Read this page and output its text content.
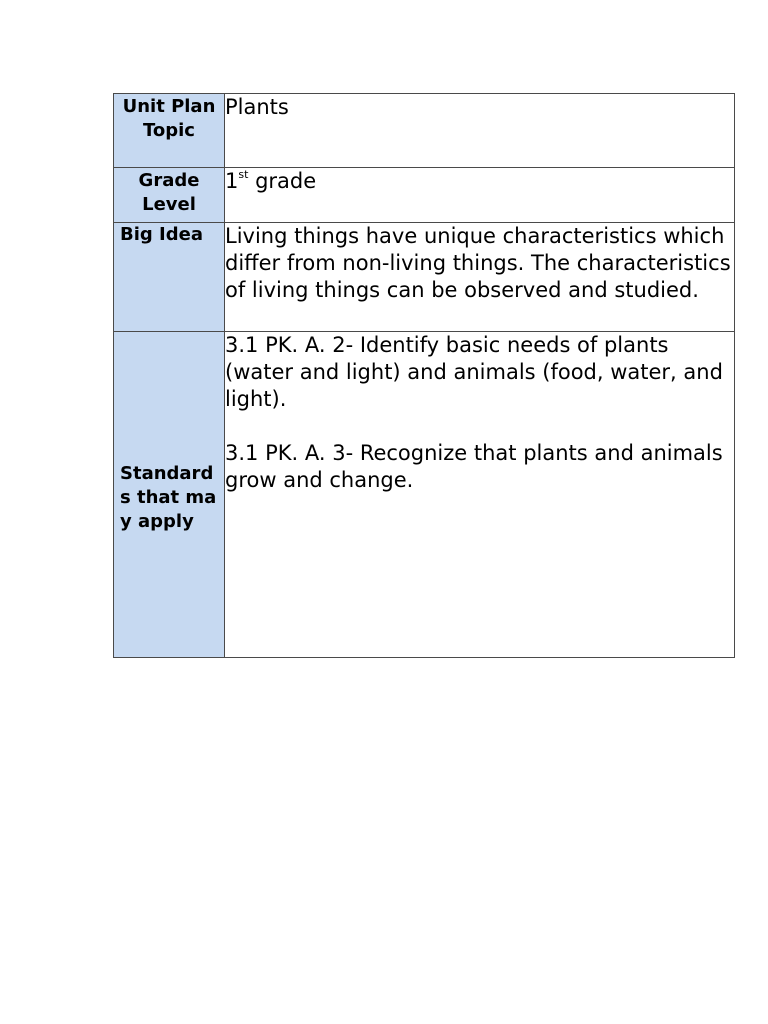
Unit Plan Topic	Plants
Grade Level	1st grade
Big Idea	Living things have unique characteristics which differ from non-living things. The characteristics of living things can be observed and studied.

Standards that may apply	3.1 PK. A. 2- Identify basic needs of plants (water and light) and animals (food, water, and light).

3.1 PK. A. 3- Recognize that plants and animals grow and change.
